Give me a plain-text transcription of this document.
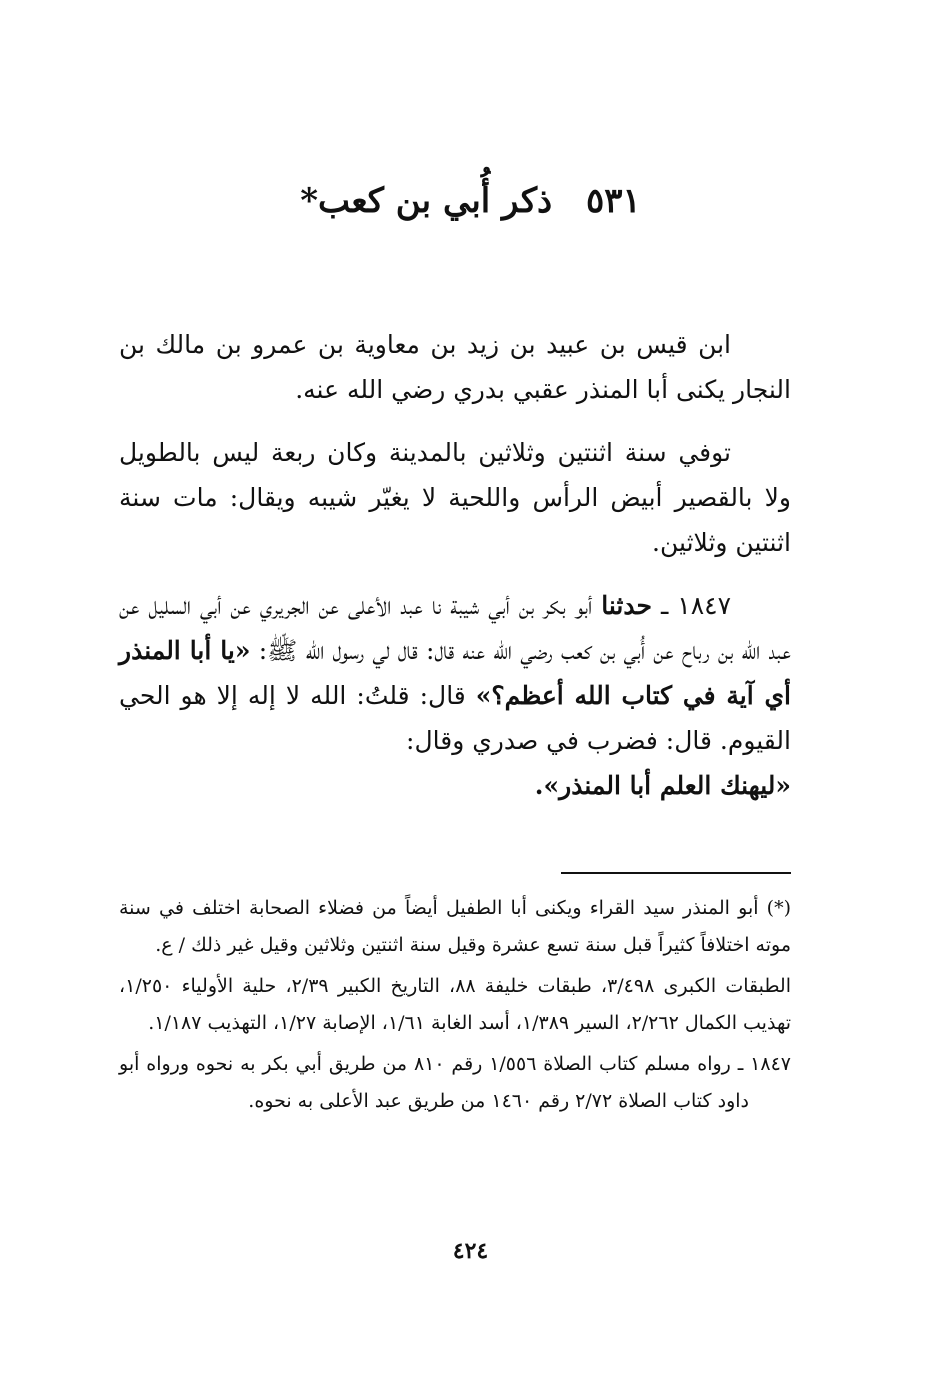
٥٣١ ذكر أُبي بن كعب*

ابن قيس بن عبيد بن زيد بن معاوية بن عمرو بن مالك بن النجار يكنى أبا المنذر عقبي بدري رضي الله عنه.

توفي سنة اثنتين وثلاثين بالمدينة وكان ربعة ليس بالطويل ولا بالقصير أبيض الرأس واللحية لا يغيّر شيبه ويقال: مات سنة اثنتين وثلاثين.

١٨٤٧ ـ حدثنا أبو بكر بن أبي شيبة نا عبد الأعلى عن الجريري عن أبي السليل عن عبد الله بن رباح عن أُبي بن كعب رضي الله عنه قال: قال لي رسول الله ﷺ: «يا أبا المنذر أي آية في كتاب الله أعظم؟» قال: قلتُ: الله لا إله إلا هو الحي القيوم. قال: فضرب في صدري وقال:
«ليهنك العلم أبا المنذر».

(*) أبو المنذر سيد القراء ويكنى أبا الطفيل أيضاً من فضلاء الصحابة اختلف في سنة موته اختلافاً كثيراً قبل سنة تسع عشرة وقيل سنة اثنتين وثلاثين وقيل غير ذلك / ع.

الطبقات الكبرى ٣/٤٩٨، طبقات خليفة ٨٨، التاريخ الكبير ٢/٣٩، حلية الأولياء ١/٢٥٠، تهذيب الكمال ٢/٢٦٢، السير ١/٣٨٩، أسد الغابة ١/٦١، الإصابة ١/٢٧، التهذيب ١/١٨٧.

١٨٤٧ ـ رواه مسلم كتاب الصلاة ١/٥٥٦ رقم ٨١٠ من طريق أبي بكر به نحوه ورواه أبو داود كتاب الصلاة ٢/٧٢ رقم ١٤٦٠ من طريق عبد الأعلى به نحوه.

٤٢٤
